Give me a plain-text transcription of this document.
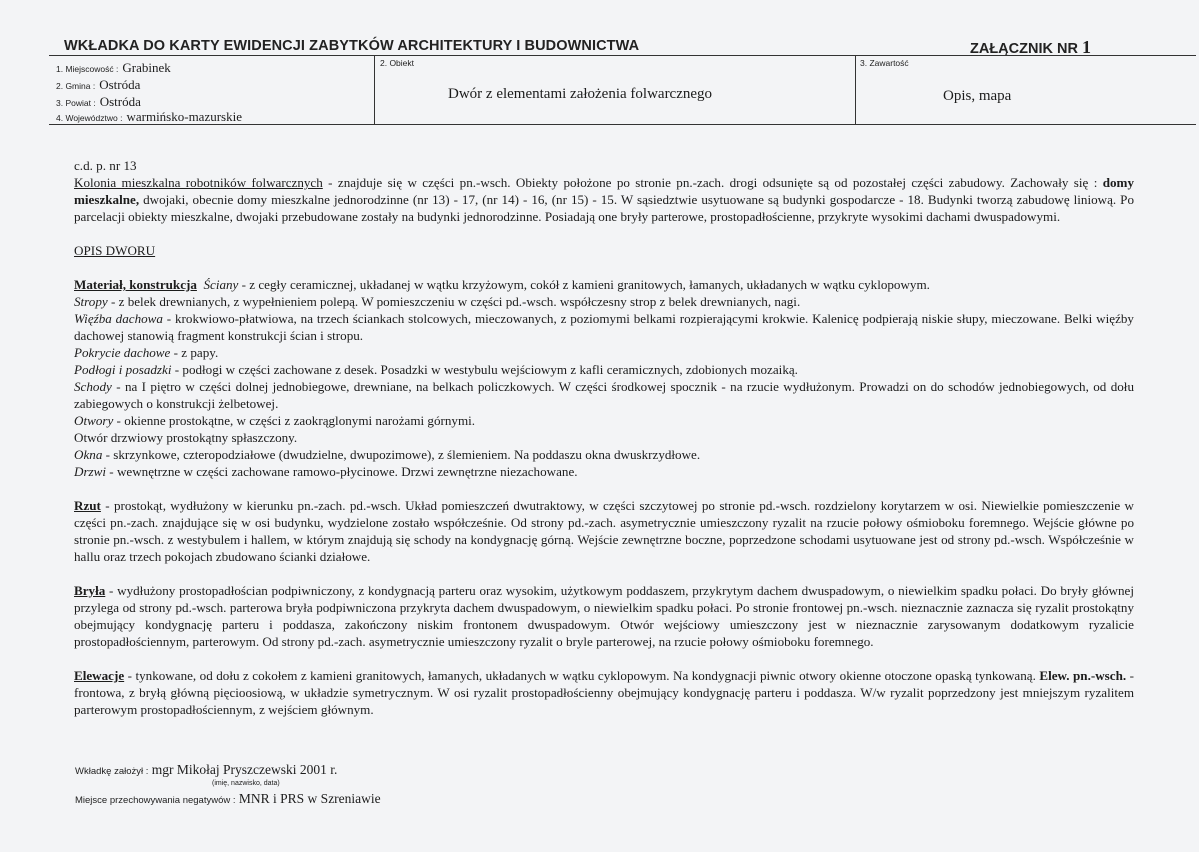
WKŁADKA DO KARTY EWIDENCJI ZABYTKÓW ARCHITEKTURY I BUDOWNICTWA	ZAŁĄCZNIK NR 1
1. Miejscowość : Grabinek
2. Gmina : Ostróda
3. Powiat : Ostróda
4. Województwo : warmińsko-mazurskie
2. Obiekt
Dwór z elementami założenia folwarcznego
3. Zawartość
Opis, mapa

c.d. p. nr 13

Kolonia mieszkalna robotników folwarcznych - znajduje się w części pn.-wsch. Obiekty położone po stronie pn.-zach. drogi odsunięte są od pozostałej części zabudowy. Zachowały się : domy mieszkalne, dwojaki, obecnie domy mieszkalne jednorodzinne (nr 13) - 17, (nr 14) - 16, (nr 15) - 15. W sąsiedztwie usytuowane są budynki gospodarcze - 18. Budynki tworzą zabudowę liniową. Po parcelacji obiekty mieszkalne, dwojaki przebudowane zostały na budynki jednorodzinne. Posiadają one bryły parterowe, prostopadłościenne, przykryte wysokimi dachami dwuspadowymi.

OPIS DWORU

Materiał, konstrukcja Ściany - z cegły ceramicznej, układanej w wątku krzyżowym, cokół z kamieni granitowych, łamanych, układanych w wątku cyklopowym.

Stropy - z belek drewnianych, z wypełnieniem polepą. W pomieszczeniu w części pd.-wsch. współczesny strop z belek drewnianych, nagi.

Więźba dachowa - krokwiowo-płatwiowa, na trzech ściankach stolcowych, mieczowanych, z poziomymi belkami rozpierającymi krokwie. Kalenicę podpierają niskie słupy, mieczowane. Belki więźby dachowej stanowią fragment konstrukcji ścian i stropu.

Pokrycie dachowe - z papy.

Podłogi i posadzki - podłogi w części zachowane z desek. Posadzki w westybulu wejściowym z kafli ceramicznych, zdobionych mozaiką.

Schody - na I piętro w części dolnej jednobiegowe, drewniane, na belkach policzkowych. W części środkowej spocznik - na rzucie wydłużonym. Prowadzi on do schodów jednobiegowych, od dołu zabiegowych o konstrukcji żelbetowej.

Otwory - okienne prostokątne, w części z zaokrąglonymi narożami górnymi.

Otwór drzwiowy prostokątny spłaszczony.

Okna - skrzynkowe, czteropodziałowe (dwudzielne, dwupozimowe), z ślemieniem. Na poddaszu okna dwuskrzydłowe.

Drzwi - wewnętrzne w części zachowane ramowo-płycinowe. Drzwi zewnętrzne niezachowane.

Rzut - prostokąt, wydłużony w kierunku pn.-zach. pd.-wsch. Układ pomieszczeń dwutraktowy, w części szczytowej po stronie pd.-wsch. rozdzielony korytarzem w osi. Niewielkie pomieszczenie w części pn.-zach. znajdujące się w osi budynku, wydzielone zostało współcześnie. Od strony pd.-zach. asymetrycznie umieszczony ryzalit na rzucie połowy ośmioboku foremnego. Wejście główne po stronie pn.-wsch. z westybulem i hallem, w którym znajdują się schody na kondygnację górną. Wejście zewnętrzne boczne, poprzedzone schodami usytuowane jest od strony pd.-wsch. Współcześnie w hallu oraz trzech pokojach zbudowano ścianki działowe.

Bryła - wydłużony prostopadłościan podpiwniczony, z kondygnacją parteru oraz wysokim, użytkowym poddaszem, przykrytym dachem dwuspadowym, o niewielkim spadku połaci. Do bryły głównej przylega od strony pd.-wsch. parterowa bryła podpiwniczona przykryta dachem dwuspadowym, o niewielkim spadku połaci. Po stronie frontowej pn.-wsch. nieznacznie zaznacza się ryzalit prostokątny obejmujący kondygnację parteru i poddasza, zakończony niskim frontonem dwuspadowym. Otwór wejściowy umieszczony jest w nieznacznie zarysowanym dodatkowym ryzalicie prostopadłościennym, parterowym. Od strony pd.-zach. asymetrycznie umieszczony ryzalit o bryle parterowej, na rzucie połowy ośmioboku foremnego.

Elewacje - tynkowane, od dołu z cokołem z kamieni granitowych, łamanych, układanych w wątku cyklopowym. Na kondygnacji piwnic otwory okienne otoczone opaską tynkowaną. Elew. pn.-wsch. - frontowa, z bryłą główną pięcioosiową, w układzie symetrycznym. W osi ryzalit prostopadłościenny obejmujący kondygnację parteru i poddasza. W/w ryzalit poprzedzony jest mniejszym ryzalitem parterowym prostopadłościennym, z wejściem głównym.

Wkładkę założył : mgr Mikołaj Pryszczewski 2001 r.
(imię, nazwisko, data)
Miejsce przechowywania negatywów : MNR i PRS w Szreniawie
